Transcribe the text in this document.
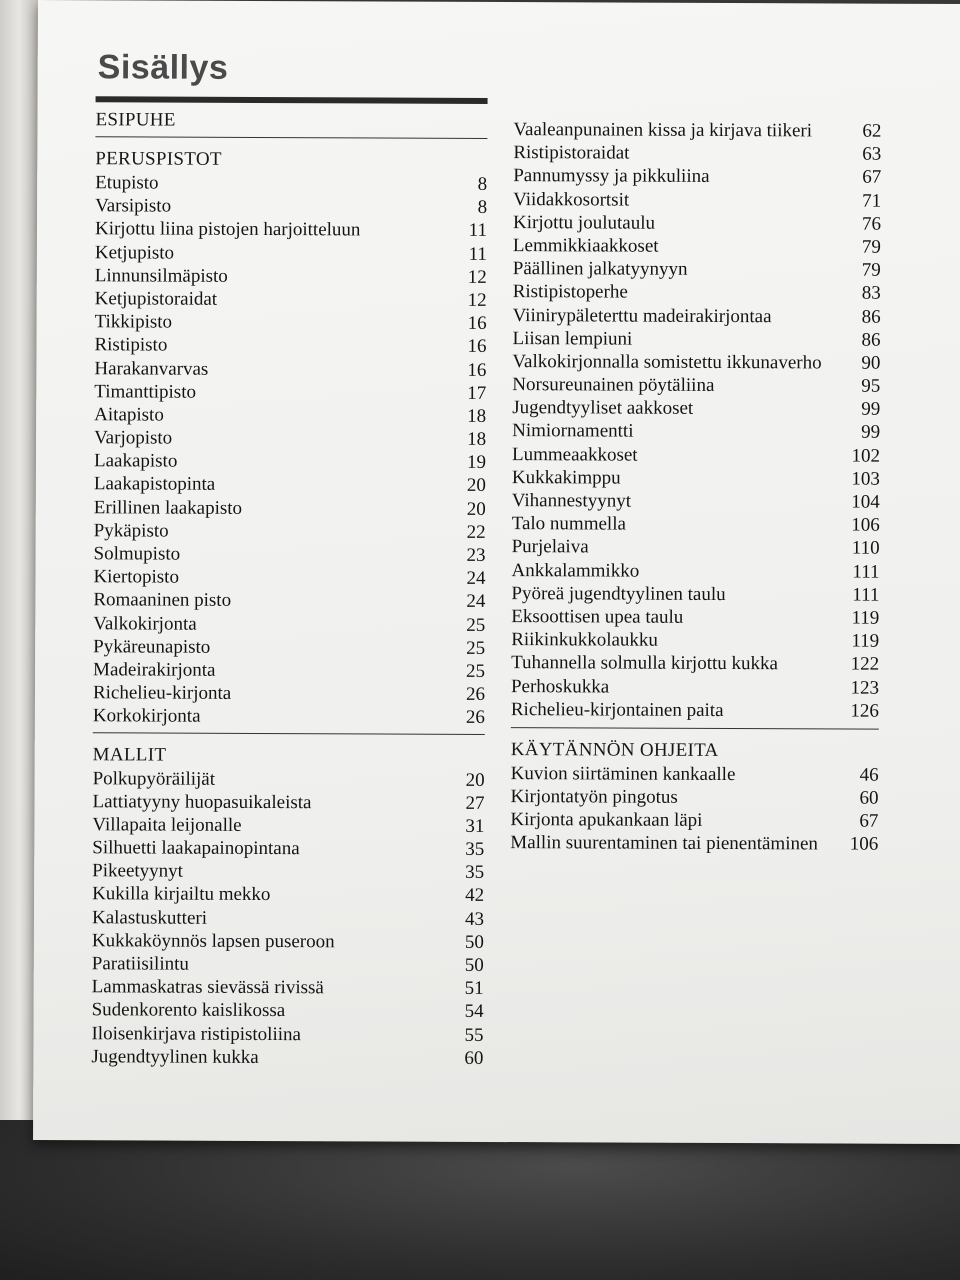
Sisällys
ESIPUHE
PERUSPISTOT
Etupisto	8
Varsipisto	8
Kirjottu liina pistojen harjoitteluun	11
Ketjupisto	11
Linnunsilmäpisto	12
Ketjupistoraidat	12
Tikkipisto	16
Ristipisto	16
Harakanvarvas	16
Timanttipisto	17
Aitapisto	18
Varjopisto	18
Laakapisto	19
Laakapistopinta	20
Erillinen laakapisto	20
Pykäpisto	22
Solmupisto	23
Kiertopisto	24
Romaaninen pisto	24
Valkokirjonta	25
Pykäreunapisto	25
Madeirakirjonta	25
Richelieu-kirjonta	26
Korkokirjonta	26
MALLIT
Polkupyöräilijät	20
Lattiatyyny huopasuikaleista	27
Villapaita leijonalle	31
Silhuetti laakapainopintana	35
Pikeetyynyt	35
Kukilla kirjailtu mekko	42
Kalastuskutteri	43
Kukkaköynnös lapsen puseroon	50
Paratiisilintu	50
Lammaskatras sievässä rivissä	51
Sudenkorento kaislikossa	54
Iloisenkirjava ristipistoliina	55
Jugendtyylinen kukka	60
Vaaleanpunainen kissa ja kirjava tiikeri	62
Ristipistoraidat	63
Pannumyssy ja pikkuliina	67
Viidakkosortsit	71
Kirjottu joulutaulu	76
Lemmikkiaakkoset	79
Päällinen jalkatyynyyn	79
Ristipistoperhe	83
Viinirypäleterttu madeirakirjontaa	86
Liisan lempiuni	86
Valkokirjonnalla somistettu ikkunaverho	90
Norsureunainen pöytäliina	95
Jugendtyyliset aakkoset	99
Nimiornamentti	99
Lummeaakkoset	102
Kukkakimppu	103
Vihannestyynyt	104
Talo nummella	106
Purjelaiva	110
Ankkalammikko	111
Pyöreä jugendtyylinen taulu	111
Eksoottisen upea taulu	119
Riikinkukkolaukku	119
Tuhannella solmulla kirjottu kukka	122
Perhoskukka	123
Richelieu-kirjontainen paita	126
KÄYTÄNNÖN OHJEITA
Kuvion siirtäminen kankaalle	46
Kirjontatyön pingotus	60
Kirjonta apukankaan läpi	67
Mallin suurentaminen tai pienentäminen	106
